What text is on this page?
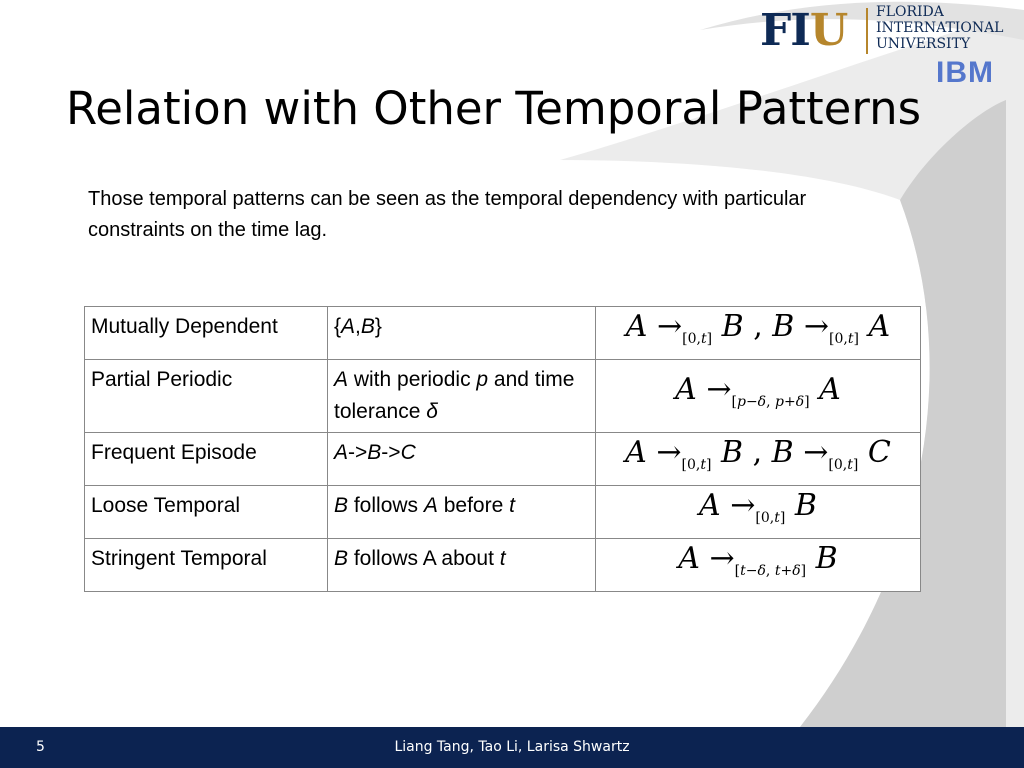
FIU FLORIDA
INTERNATIONAL
UNIVERSITY
IBM
Relation with Other Temporal Patterns

Those temporal patterns can be seen as the temporal dependency with particular constraints on the time lag.

Mutually Dependent	{A,B}	$A \to_{[0,t]}$ B , $B \to_{[0,t]}$ A
Partial Periodic	A with periodic p and time tolerance δ	$A \to_{[p-\delta, p+\delta]}$ A
Frequent Episode	A->B->C	$A \to_{[0,t]}$ B , $B \to_{[0,t]}$ C
Loose Temporal	B follows A before t	$A \to_{[0,t]}$ B
Stringent Temporal	B follows A about t	$A \to_{[t-\delta, t+\delta]}$ B
5	Liang Tang, Tao Li, Larisa Shwartz
